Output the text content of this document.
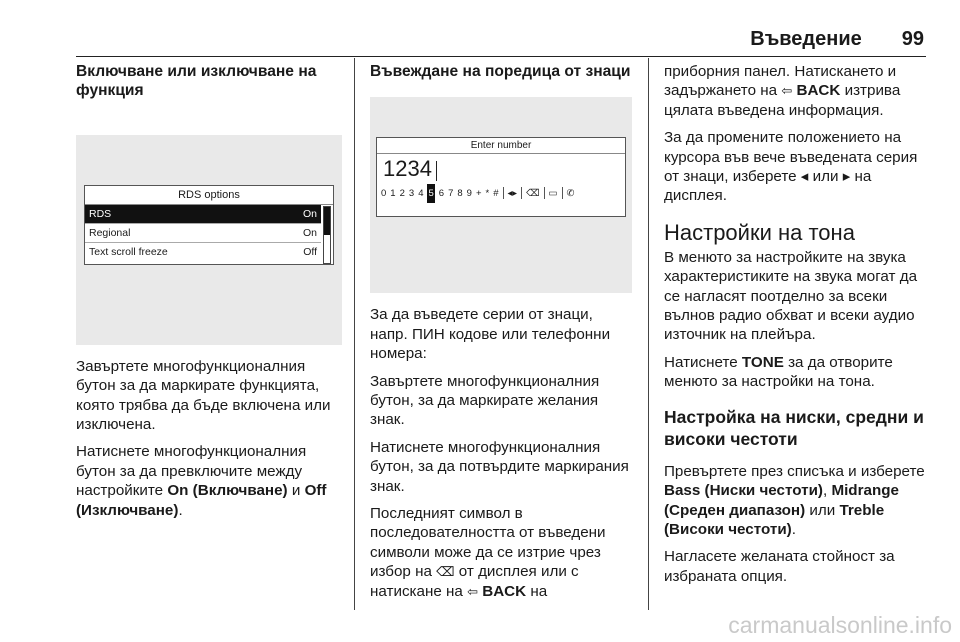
Въведение 99
Включване или изключване на функция
RDS options
RDS	On
Regional	On
Text scroll freeze	Off
Завъртете многофункционалния бутон за да маркирате функцията, която трябва да бъде включена или изключена.
Натиснете многофункционалния бутон за да превключите между настройките On (Включване) и Off (Изключване).
Въвеждане на поредица от знаци
Enter number
1234
0 1 2 3 4 5 6 7 8 9 + * # ◂▸ ⌫ ▭ ✆
За да въведете серии от знаци, напр. ПИН кодове или телефонни номера:
Завъртете многофункционалния бутон, за да маркирате желания знак.
Натиснете многофункционалния бутон, за да потвърдите маркирания знак.
Последният символ в последователността от въведени символи може да се изтрие чрез избор на ⌫ от дисплея или с натискане на ⇦ BACK на
приборния панел. Натискането и задържането на ⇦ BACK изтрива цялата въведена информация.
За да промените положението на курсора във вече въведената серия от знаци, изберете ◂ или ▸ на дисплея.
Настройки на тона
В менюто за настройките на звука характеристиките на звука могат да се нагласят поотделно за всеки вълнов радио обхват и всеки аудио източник на плейъра.
Натиснете TONE за да отворите менюто за настройки на тона.
Настройка на ниски, средни и високи честоти
Превъртете през списъка и изберете Bass (Ниски честоти), Midrange (Среден диапазон) или Treble (Високи честоти).
Нагласете желаната стойност за избраната опция.
carmanualsonline.info
